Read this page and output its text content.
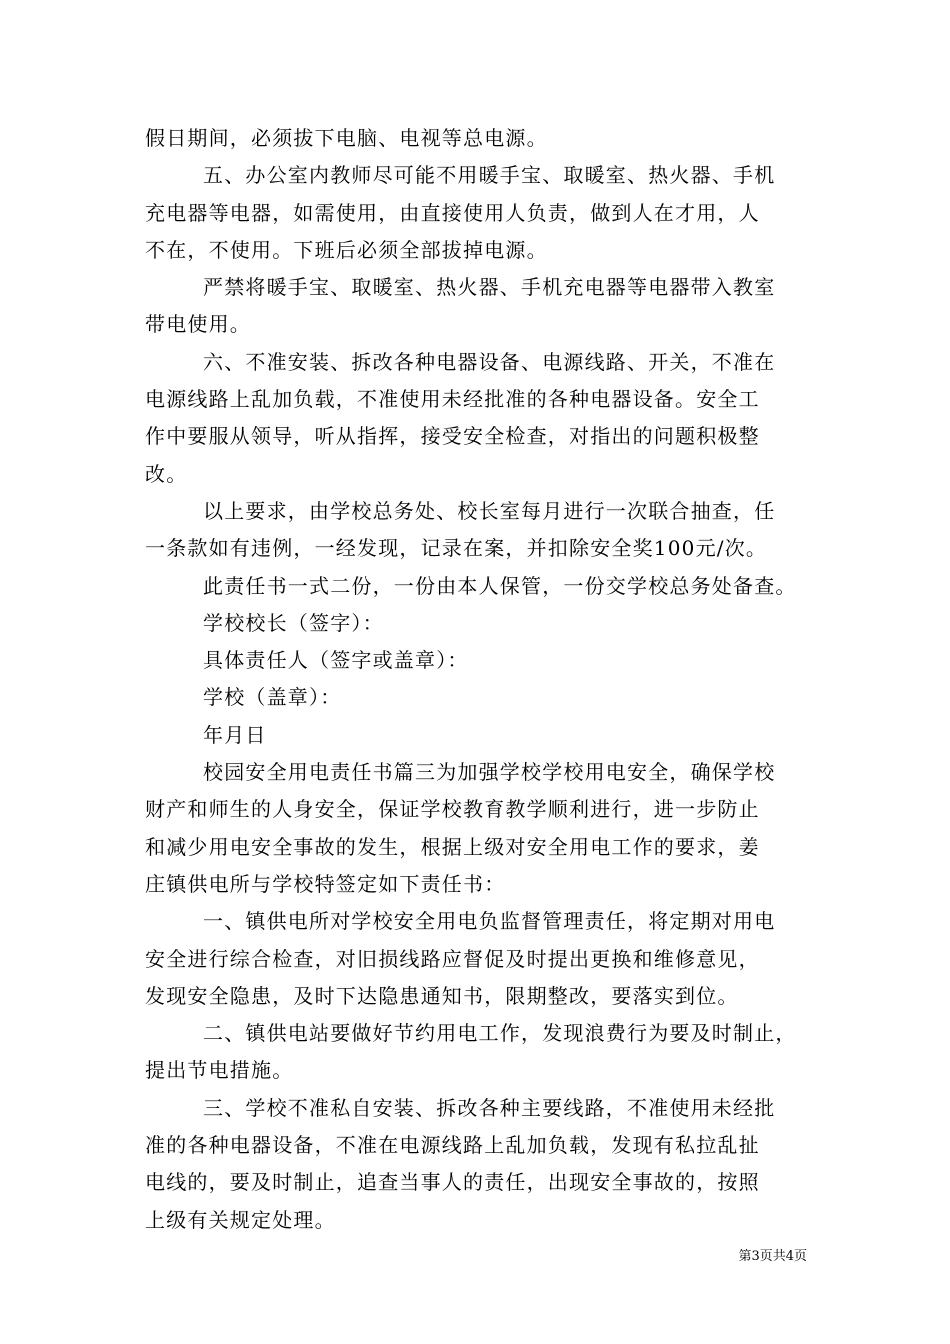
假日期间，必须拔下电脑、电视等总电源。
五、办公室内教师尽可能不用暖手宝、取暖室、热火器、手机
充电器等电器，如需使用，由直接使用人负责，做到人在才用，人
不在，不使用。下班后必须全部拔掉电源。
严禁将暖手宝、取暖室、热火器、手机充电器等电器带入教室
带电使用。
六、不准安装、拆改各种电器设备、电源线路、开关，不准在
电源线路上乱加负载，不准使用未经批准的各种电器设备。安全工
作中要服从领导，听从指挥，接受安全检查，对指出的问题积极整
改。
以上要求，由学校总务处、校长室每月进行一次联合抽查，任
一条款如有违例，一经发现，记录在案，并扣除安全奖100元/次。
此责任书一式二份，一份由本人保管，一份交学校总务处备查。
学校校长（签字）：
具体责任人（签字或盖章）：
学校（盖章）：
年月日
校园安全用电责任书篇三为加强学校学校用电安全，确保学校
财产和师生的人身安全，保证学校教育教学顺利进行，进一步防止
和减少用电安全事故的发生，根据上级对安全用电工作的要求，姜
庄镇供电所与学校特签定如下责任书：
一、镇供电所对学校安全用电负监督管理责任，将定期对用电
安全进行综合检查，对旧损线路应督促及时提出更换和维修意见，
发现安全隐患，及时下达隐患通知书，限期整改，要落实到位。
二、镇供电站要做好节约用电工作，发现浪费行为要及时制止，
提出节电措施。
三、学校不准私自安装、拆改各种主要线路，不准使用未经批
准的各种电器设备，不准在电源线路上乱加负载，发现有私拉乱扯
电线的，要及时制止，追查当事人的责任，出现安全事故的，按照
上级有关规定处理。
第3页共4页
